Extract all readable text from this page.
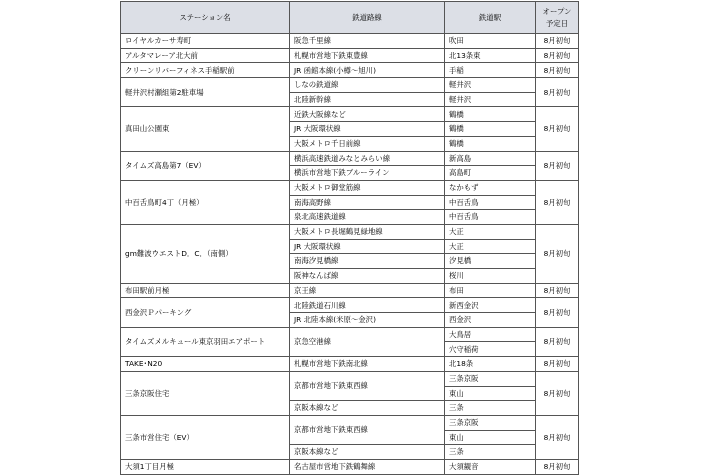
ステーション名	鉄道路線	鉄道駅	オープン
予定日

ロイヤルカーサ寿町	阪急千里線	吹田	8月初旬
アルタマレーア北大前	札幌市営地下鉄東豊線	北13条東	8月初旬
クリーンリバーフィネス手稲駅前	JR 函館本線(小樽～旭川)	手稲	8月初旬
軽井沢村瀬組第2駐車場	しなの鉄道線	軽井沢	8月初旬
	北陸新幹線	軽井沢	
真田山公園東	近鉄大阪線など	鶴橋	8月初旬
	JR 大阪環状線	鶴橋	
	大阪メトロ千日前線	鶴橋	
タイムズ高島第7（EV）	横浜高速鉄道みなとみらい線	新高島	8月初旬
	横浜市営地下鉄ブルーライン	高島町	
中百舌鳥町4丁（月極）	大阪メトロ御堂筋線	なかもず	8月初旬
	南海高野線	中百舌鳥	
	泉北高速鉄道線	中百舌鳥	
gm難波ウエストD．C．（南側）	大阪メトロ長堀鶴見緑地線	大正	8月初旬
	JR 大阪環状線	大正	
	南海汐見橋線	汐見橋	
	阪神なんば線	桜川	
布田駅前月極	京王線	布田	8月初旬
西金沢Ｐパーキング	北陸鉄道石川線	新西金沢	8月初旬
	JR 北陸本線(米原～金沢)	西金沢	
タイムズメルキュール東京羽田エアポート	京急空港線	大鳥居	8月初旬
		穴守稲荷	
TAKE･N20	札幌市営地下鉄南北線	北18条	8月初旬
三条京阪住宅	京都市営地下鉄東西線	三条京阪	8月初旬
		東山	
	京阪本線など	三条	
三条市営住宅（EV）	京都市営地下鉄東西線	三条京阪	8月初旬
		東山	
	京阪本線など	三条	
大須1丁目月極	名古屋市営地下鉄鶴舞線	大須観音	8月初旬
